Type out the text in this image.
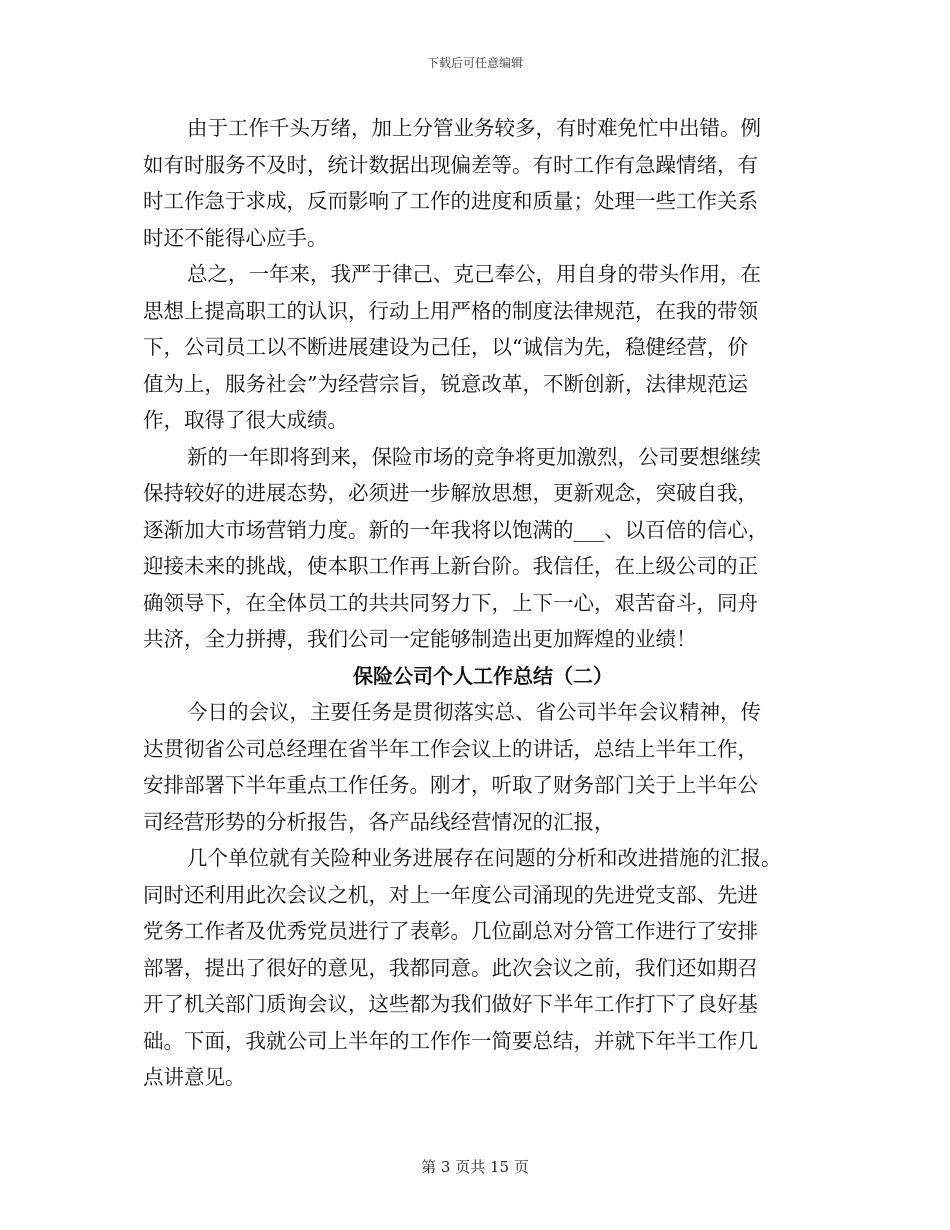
下载后可任意编辑
由于工作千头万绪，加上分管业务较多，有时难免忙中出错。例
如有时服务不及时，统计数据出现偏差等。有时工作有急躁情绪，有
时工作急于求成，反而影响了工作的进度和质量；处理一些工作关系
时还不能得心应手。
总之，一年来，我严于律己、克己奉公，用自身的带头作用，在
思想上提高职工的认识，行动上用严格的制度法律规范，在我的带领
下，公司员工以不断进展建设为己任，以“诚信为先，稳健经营，价
值为上，服务社会”为经营宗旨，锐意改革，不断创新，法律规范运
作，取得了很大成绩。
新的一年即将到来，保险市场的竞争将更加激烈，公司要想继续
保持较好的进展态势，必须进一步解放思想，更新观念，突破自我，
逐渐加大市场营销力度。新的一年我将以饱满的___、以百倍的信心，
迎接未来的挑战，使本职工作再上新台阶。我信任，在上级公司的正
确领导下，在全体员工的共共同努力下，上下一心，艰苦奋斗，同舟
共济，全力拼搏，我们公司一定能够制造出更加辉煌的业绩！
保险公司个人工作总结（二）
今日的会议，主要任务是贯彻落实总、省公司半年会议精神，传
达贯彻省公司总经理在省半年工作会议上的讲话，总结上半年工作，
安排部署下半年重点工作任务。刚才，听取了财务部门关于上半年公
司经营形势的分析报告，各产品线经营情况的汇报，
几个单位就有关险种业务进展存在问题的分析和改进措施的汇报。
同时还利用此次会议之机，对上一年度公司涌现的先进党支部、先进
党务工作者及优秀党员进行了表彰。几位副总对分管工作进行了安排
部署，提出了很好的意见，我都同意。此次会议之前，我们还如期召
开了机关部门质询会议，这些都为我们做好下半年工作打下了良好基
础。下面，我就公司上半年的工作作一简要总结，并就下年半工作几
点讲意见。
第 3 页共 15 页
